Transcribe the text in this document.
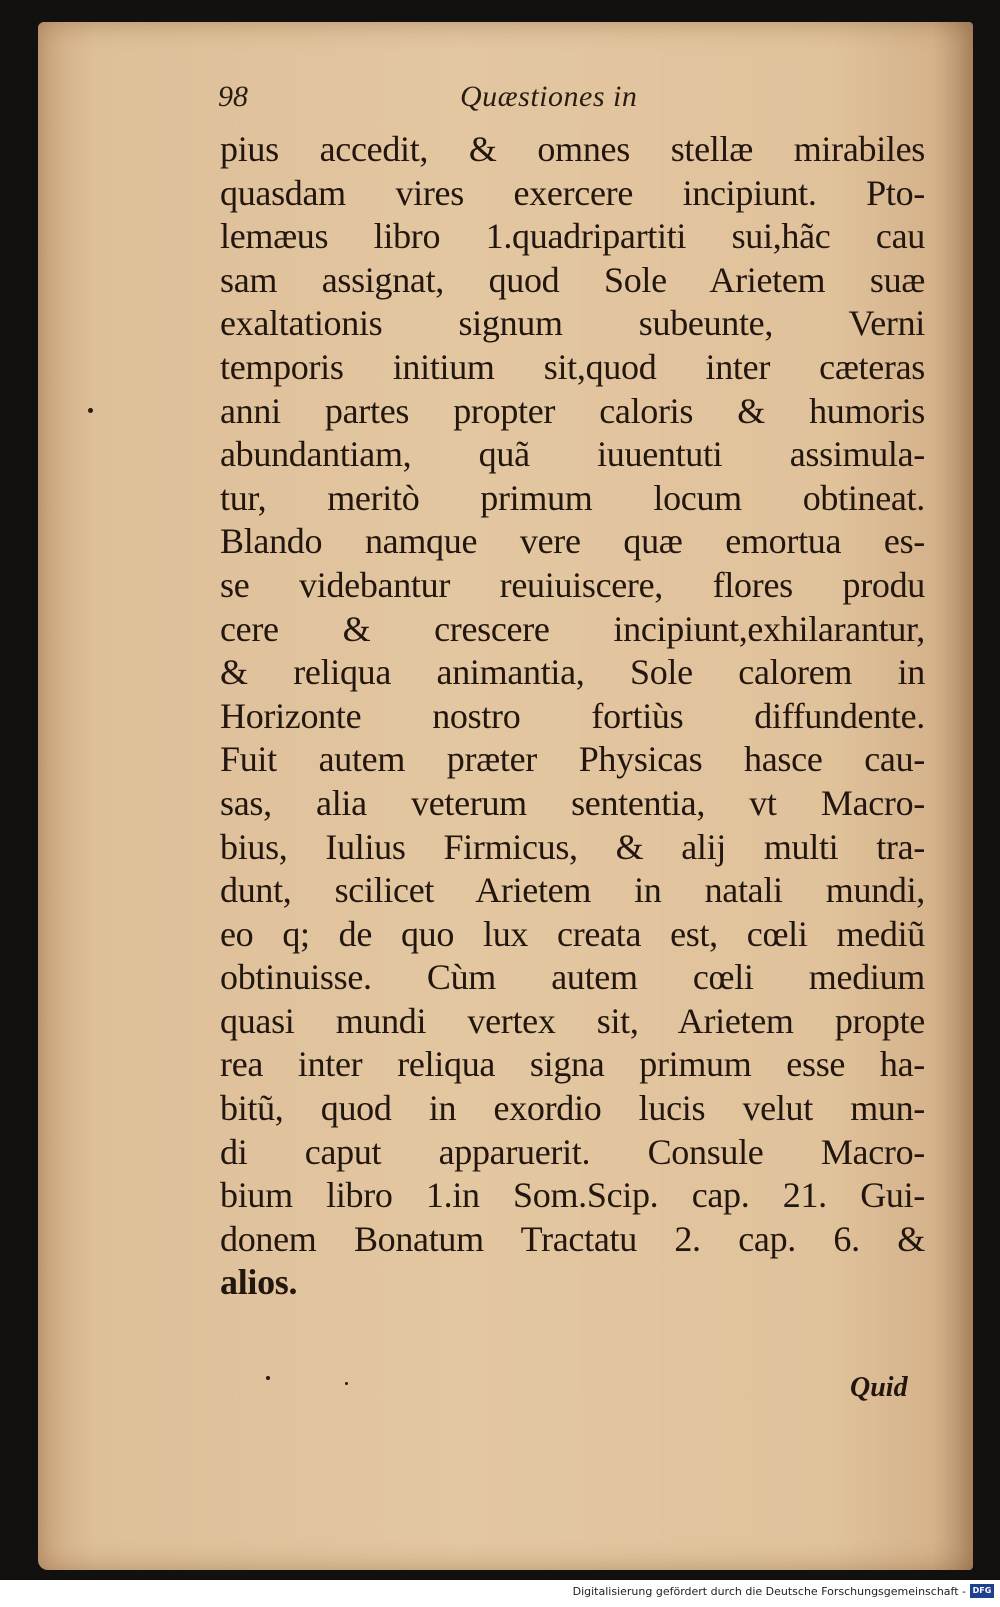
98	Quæstiones in
pius accedit, & omnes stellæ mirabiles
quasdam vires exercere incipiunt. Pto-
lemæus libro 1.quadripartiti sui,hãc cau
sam assignat, quod Sole Arietem suæ
exaltationis signum subeunte, Verni
temporis initium sit,quod inter cæteras
anni partes propter caloris & humoris
abundantiam, quã iuuentuti assimula-
tur, meritò primum locum obtineat.
Blando namque vere quæ emortua es-
se videbantur reuiuiscere, flores produ
cere & crescere incipiunt,exhilarantur,
& reliqua animantia, Sole calorem in
Horizonte nostro fortiùs diffundente.
Fuit autem præter Physicas hasce cau-
sas, alia veterum sententia, vt Macro-
bius, Iulius Firmicus, & alij multi tra-
dunt, scilicet Arietem in natali mundi,
eo q; de quo lux creata est, cœli mediũ
obtinuisse. Cùm autem cœli medium
quasi mundi vertex sit, Arietem propte
rea inter reliqua signa primum esse ha-
bitũ, quod in exordio lucis velut mun-
di caput apparuerit. Consule Macro-
bium libro 1.in Som.Scip. cap. 21. Gui-
donem Bonatum Tractatu 2. cap. 6. &
alios.
Quid
Digitalisierung gefördert durch die Deutsche Forschungsgemeinschaft - DFG
